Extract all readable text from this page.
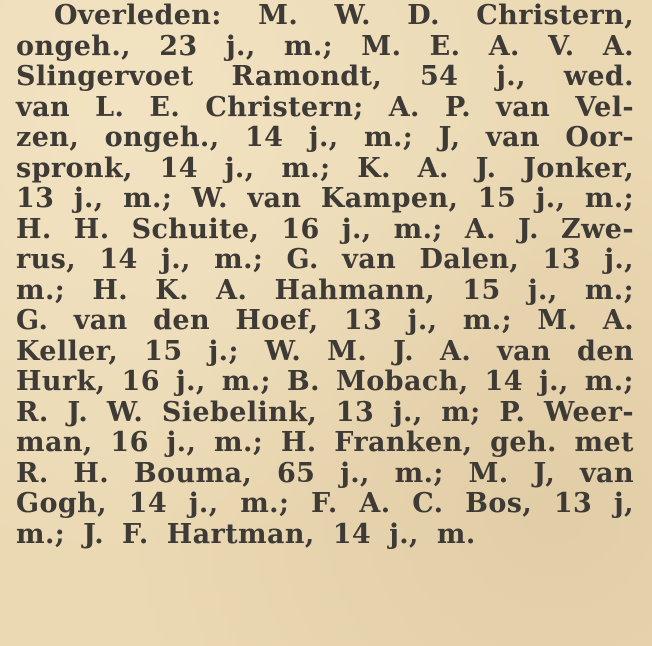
Overleden: M. W. D. Christern,
ongeh., 23 j., m.; M. E. A. V. A.
Slingervoet Ramondt, 54 j., wed.
van L. E. Christern; A. P. van Vel-
zen, ongeh., 14 j., m.; J, van Oor-
spronk, 14 j., m.; K. A. J. Jonker,
13 j., m.; W. van Kampen, 15 j., m.;
H. H. Schuite, 16 j., m.; A. J. Zwe-
rus, 14 j., m.; G. van Dalen, 13 j.,
m.; H. K. A. Hahmann, 15 j., m.;
G. van den Hoef, 13 j., m.; M. A.
Keller, 15 j.; W. M. J. A. van den
Hurk, 16 j., m.; B. Mobach, 14 j., m.;
R. J. W. Siebelink, 13 j., m; P. Weer-
man, 16 j., m.; H. Franken, geh. met
R. H. Bouma, 65 j., m.; M. J, van
Gogh, 14 j., m.; F. A. C. Bos, 13 j,
m.; J. F. Hartman, 14 j., m.
